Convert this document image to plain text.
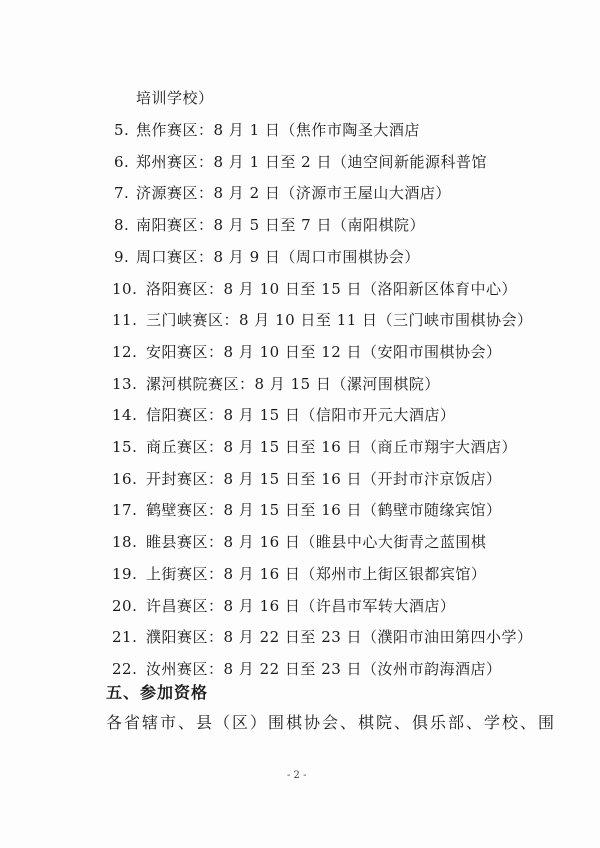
培训学校）
5. 焦作赛区：8 月 1 日（焦作市陶圣大酒店
6. 郑州赛区：8 月 1 日至 2 日（迪空间新能源科普馆
7. 济源赛区：8 月 2 日（济源市王屋山大酒店）
8. 南阳赛区：8 月 5 日至 7 日（南阳棋院）
9. 周口赛区：8 月 9 日（周口市围棋协会）
10. 洛阳赛区：8 月 10 日至 15 日（洛阳新区体育中心）
11. 三门峡赛区：8 月 10 日至 11 日（三门峡市围棋协会）
12. 安阳赛区：8 月 10 日至 12 日（安阳市围棋协会）
13. 漯河棋院赛区：8 月 15 日（漯河围棋院）
14. 信阳赛区：8 月 15 日（信阳市开元大酒店）
15. 商丘赛区：8 月 15 日至 16 日（商丘市翔宇大酒店）
16. 开封赛区：8 月 15 日至 16 日（开封市汴京饭店）
17. 鹤壁赛区：8 月 15 日至 16 日（鹤壁市随缘宾馆）
18. 睢县赛区：8 月 16 日（睢县中心大街青之蓝围棋
19. 上街赛区：8 月 16 日（郑州市上街区银都宾馆）
20. 许昌赛区：8 月 16 日（许昌市军转大酒店）
21. 濮阳赛区：8 月 22 日至 23 日（濮阳市油田第四小学）
22. 汝州赛区：8 月 22 日至 23 日（汝州市韵海酒店）
五、参加资格
各省辖市、县（区）围棋协会、棋院、俱乐部、学校、围
- 2 -
